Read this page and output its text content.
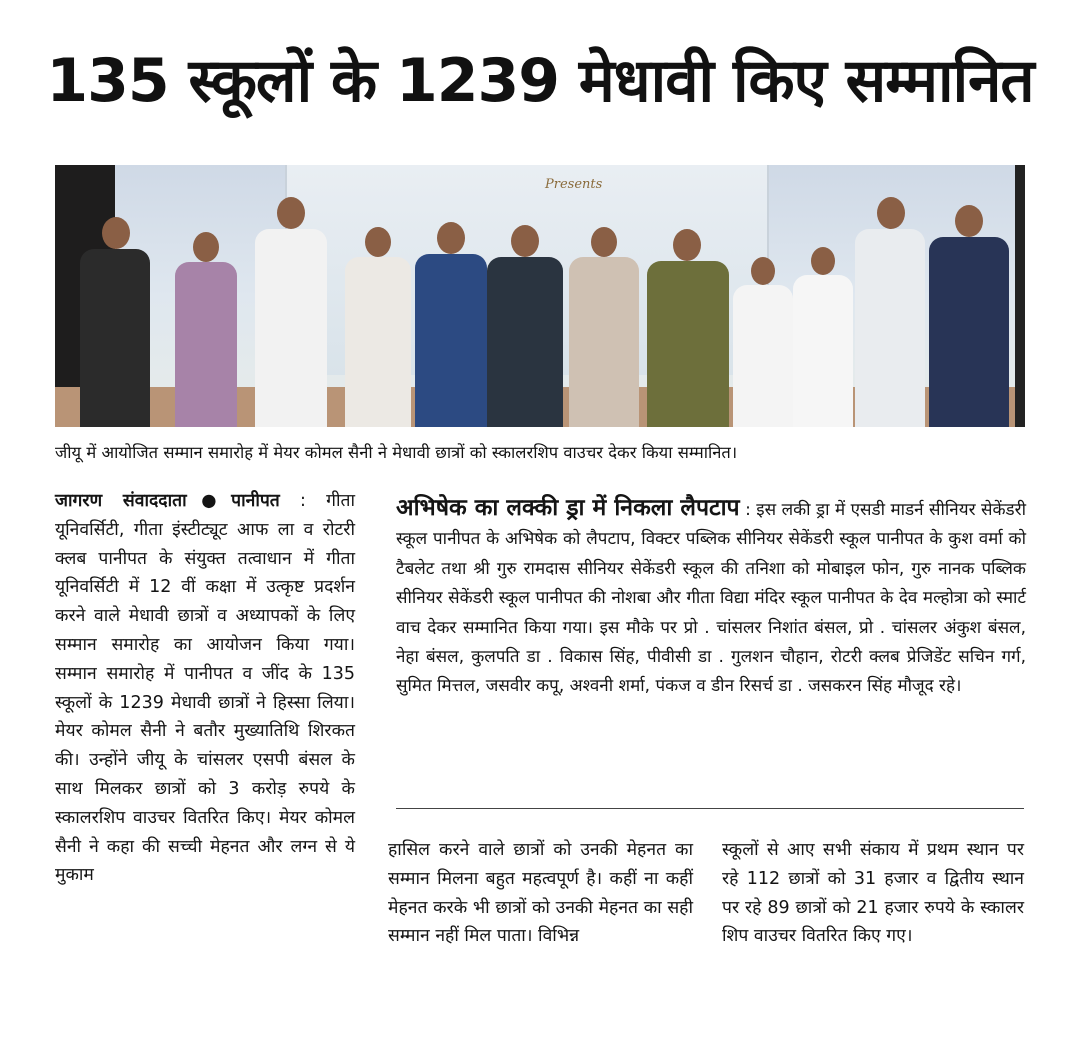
135 स्कूलों के 1239 मेधावी किए सम्मानित
Presents
जीयू में आयोजित सम्मान समारोह में मेयर कोमल सैनी ने मेधावी छात्रों को स्कालरशिप वाउचर देकर किया सम्मानित।
जागरण संवाददाता●पानीपत : गीता यूनिवर्सिटी, गीता इंस्टीट्यूट आफ ला व रोटरी क्लब पानीपत के संयुक्त तत्वाधान में गीता यूनिवर्सिटी में 12 वीं कक्षा में उत्कृष्ट प्रदर्शन करने वाले मेधावी छात्रों व अध्यापकों के लिए सम्मान समारोह का आयोजन किया गया। सम्मान समारोह में पानीपत व जींद के 135 स्कूलों के 1239 मेधावी छात्रों ने हिस्सा लिया। मेयर कोमल सैनी ने बतौर मुख्यातिथि शिरकत की। उन्होंने जीयू के चांसलर एसपी बंसल के साथ मिलकर छात्रों को 3 करोड़ रुपये के स्कालरशिप वाउचर वितरित किए। मेयर कोमल सैनी ने कहा की सच्ची मेहनत और लग्न से ये मुकाम
अभिषेक का लक्की ड्रा में निकला लैपटाप : इस लकी ड्रा में एसडी माडर्न सीनियर सेकेंडरी स्कूल पानीपत के अभिषेक को लैपटाप, विक्टर पब्लिक सीनियर सेकेंडरी स्कूल पानीपत के कुश वर्मा को टैबलेट तथा श्री गुरु रामदास सीनियर सेकेंडरी स्कूल की तनिशा को मोबाइल फोन, गुरु नानक पब्लिक सीनियर सेकेंडरी स्कूल पानीपत की नोशबा और गीता विद्या मंदिर स्कूल पानीपत के देव मल्होत्रा को स्मार्ट वाच देकर सम्मानित किया गया। इस मौके पर प्रो . चांसलर निशांत बंसल, प्रो . चांसलर अंकुश बंसल, नेहा बंसल, कुलपति डा . विकास सिंह, पीवीसी डा . गुलशन चौहान, रोटरी क्लब प्रेजिडेंट सचिन गर्ग, सुमित मित्तल, जसवीर कपू, अश्वनी शर्मा, पंकज व डीन रिसर्च डा . जसकरन सिंह मौजूद रहे।
हासिल करने वाले छात्रों को उनकी मेहनत का सम्मान मिलना बहुत महत्वपूर्ण है। कहीं ना कहीं मेहनत करके भी छात्रों को उनकी मेहनत का सही सम्मान नहीं मिल पाता। विभिन्न
स्कूलों से आए सभी संकाय में प्रथम स्थान पर रहे 112 छात्रों को 31 हजार व द्वितीय स्थान पर रहे 89 छात्रों को 21 हजार रुपये के स्कालर शिप वाउचर वितरित किए गए।
